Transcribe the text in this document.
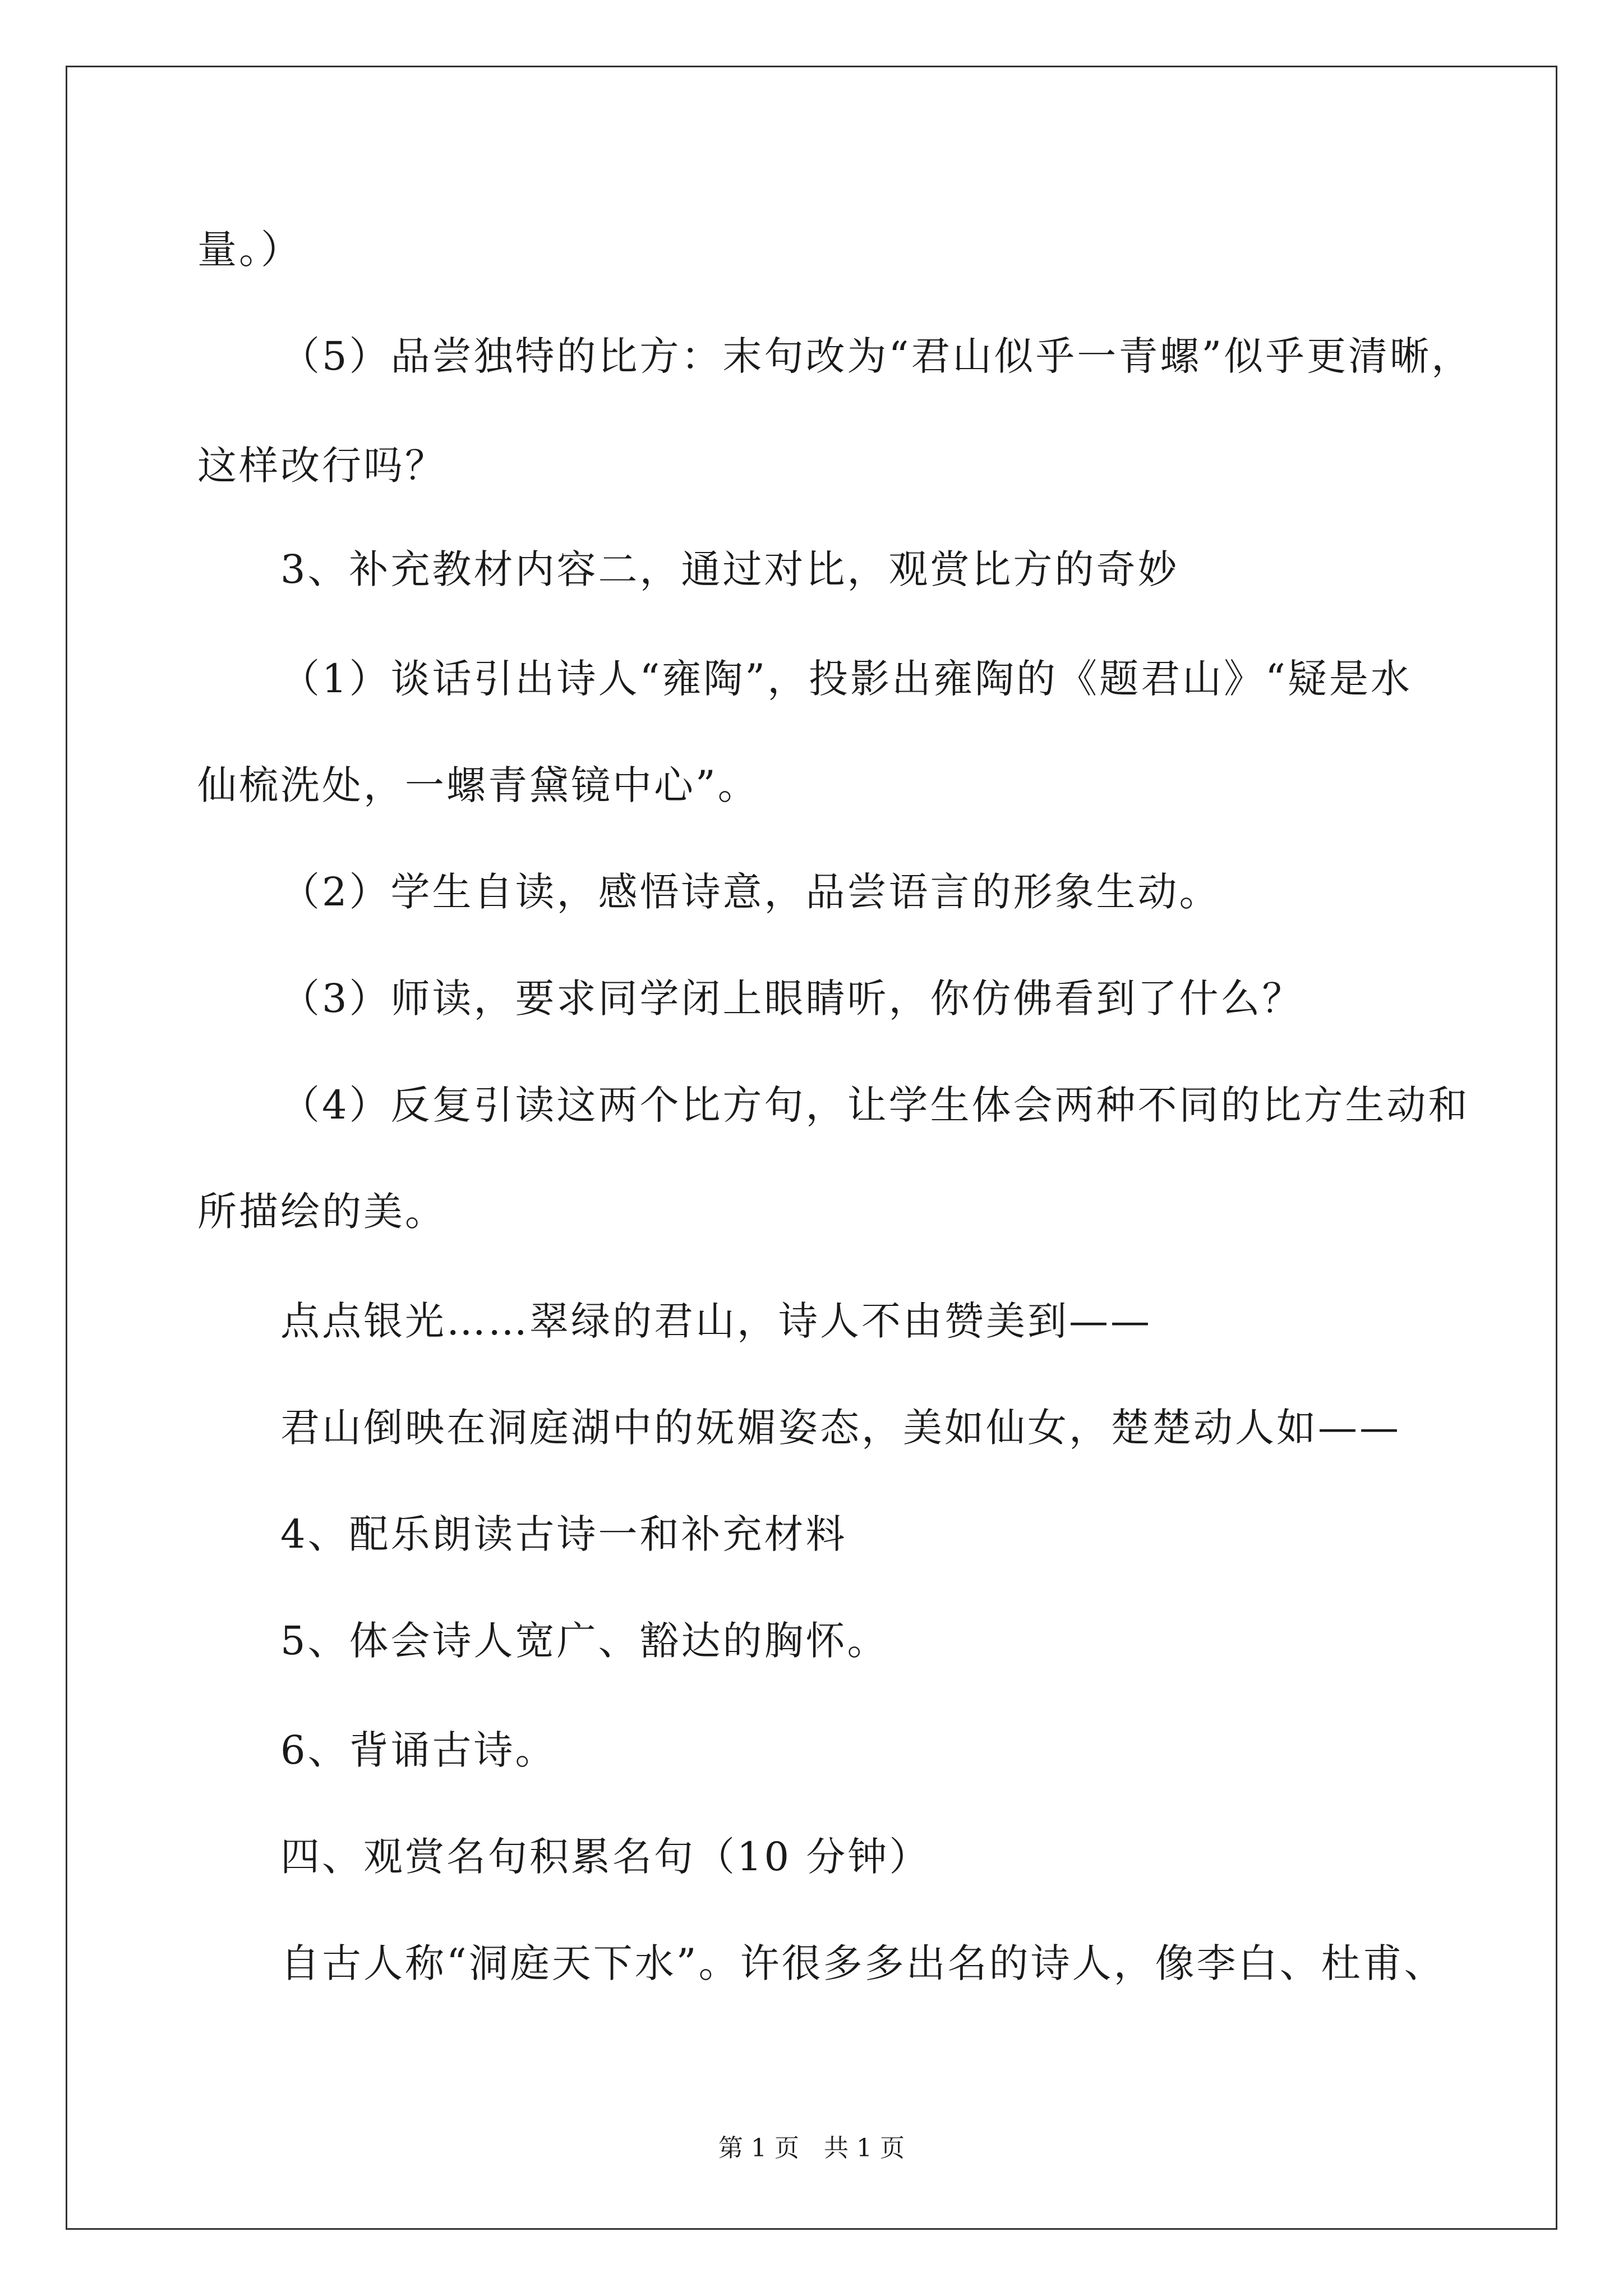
量。）
（5）品尝独特的比方：末句改为“君山似乎一青螺”似乎更清晰，
这样改行吗？
3、补充教材内容二，通过对比，观赏比方的奇妙
（1）谈话引出诗人“雍陶”，投影出雍陶的《题君山》“疑是水
仙梳洗处，一螺青黛镜中心”。
（2）学生自读，感悟诗意，品尝语言的形象生动。
（3）师读，要求同学闭上眼睛听，你仿佛看到了什么？
（4）反复引读这两个比方句，让学生体会两种不同的比方生动和
所描绘的美。
点点银光……翠绿的君山，诗人不由赞美到——
君山倒映在洞庭湖中的妩媚姿态，美如仙女，楚楚动人如——
4、配乐朗读古诗一和补充材料
5、体会诗人宽广、豁达的胸怀。
6、背诵古诗。
四、观赏名句积累名句（10 分钟）
自古人称“洞庭天下水”。许很多多出名的诗人，像李白、杜甫、
第 1 页　共 1 页
